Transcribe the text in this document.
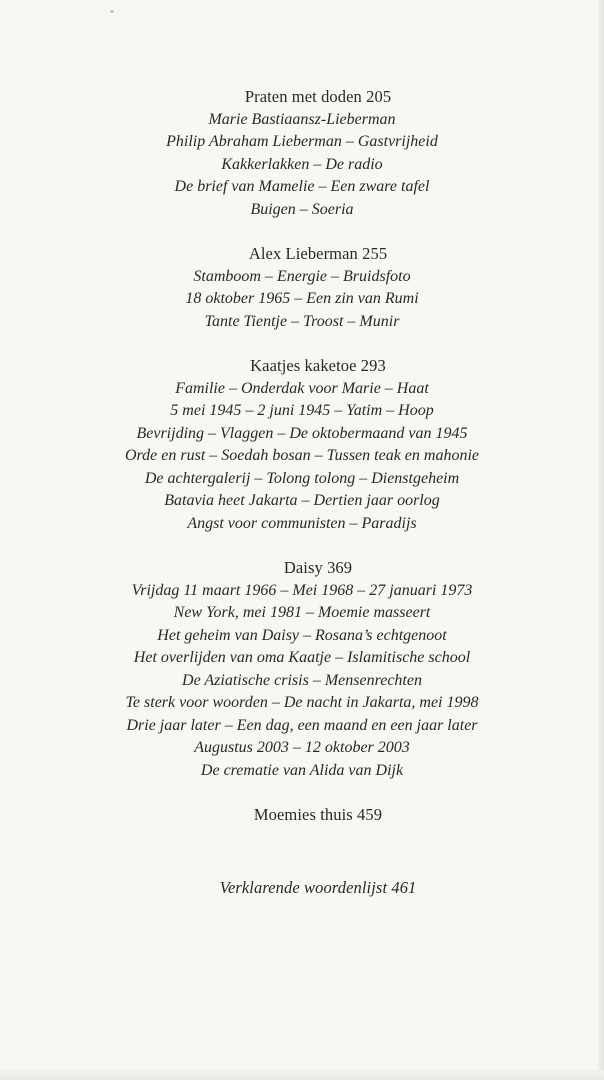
Praten met doden 205
Marie Bastiaansz-Lieberman
Philip Abraham Lieberman – Gastvrijheid
Kakkerlakken – De radio
De brief van Mamelie – Een zware tafel
Buigen – Soeria
Alex Lieberman 255
Stamboom – Energie – Bruidsfoto
18 oktober 1965 – Een zin van Rumi
Tante Tientje – Troost – Munir
Kaatjes kaketoe 293
Familie – Onderdak voor Marie – Haat
5 mei 1945 – 2 juni 1945 – Yatim – Hoop
Bevrijding – Vlaggen – De oktobermaand van 1945
Orde en rust – Soedah bosan – Tussen teak en mahonie
De achtergalerij – Tolong tolong – Dienstgeheim
Batavia heet Jakarta – Dertien jaar oorlog
Angst voor communisten – Paradijs
Daisy 369
Vrijdag 11 maart 1966 – Mei 1968 – 27 januari 1973
New York, mei 1981 – Moemie masseert
Het geheim van Daisy – Rosana’s echtgenoot
Het overlijden van oma Kaatje – Islamitische school
De Aziatische crisis – Mensenrechten
Te sterk voor woorden – De nacht in Jakarta, mei 1998
Drie jaar later – Een dag, een maand en een jaar later
Augustus 2003 – 12 oktober 2003
De crematie van Alida van Dijk
Moemies thuis 459
Verklarende woordenlijst 461
